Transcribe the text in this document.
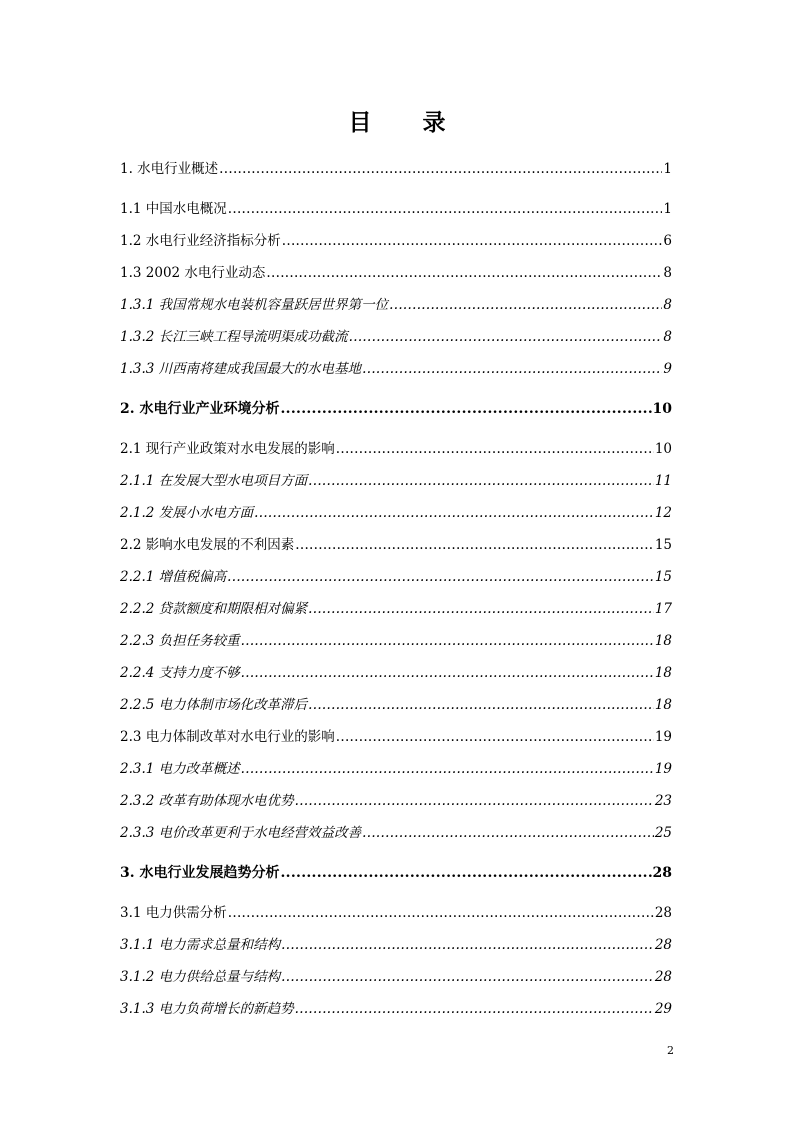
目　录
1. 水电行业概述 .....	1
1.1 中国水电概况 .....	1
1.2 水电行业经济指标分析 .....	6
1.3 2002 水电行业动态 .....	8
1.3.1 我国常规水电装机容量跃居世界第一位 .....	8
1.3.2 长江三峡工程导流明渠成功截流 .....	8
1.3.3 川西南将建成我国最大的水电基地 .....	9
2. 水电行业产业环境分析 .....	10
2.1 现行产业政策对水电发展的影响 .....	10
2.1.1 在发展大型水电项目方面 .....	11
2.1.2 发展小水电方面 .....	12
2.2 影响水电发展的不利因素 .....	15
2.2.1 增值税偏高 .....	15
2.2.2 贷款额度和期限相对偏紧 .....	17
2.2.3 负担任务较重 .....	18
2.2.4 支持力度不够 .....	18
2.2.5 电力体制市场化改革滞后 .....	18
2.3 电力体制改革对水电行业的影响 .....	19
2.3.1 电力改革概述 .....	19
2.3.2 改革有助体现水电优势 .....	23
2.3.3 电价改革更利于水电经营效益改善 .....	25
3. 水电行业发展趋势分析 .....	28
3.1 电力供需分析 .....	28
3.1.1 电力需求总量和结构 .....	28
3.1.2 电力供给总量与结构 .....	28
3.1.3 电力负荷增长的新趋势 .....	29
2
